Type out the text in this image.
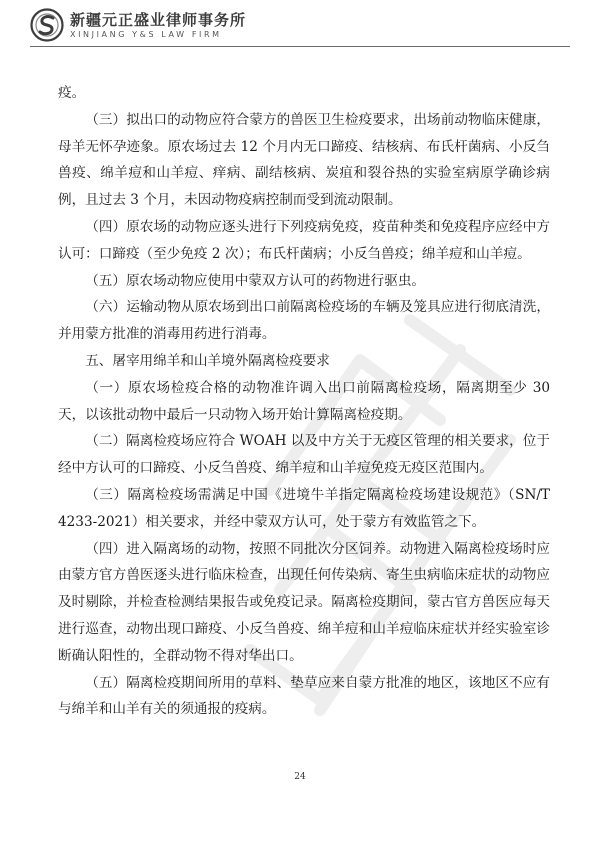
新疆元正盛业律师事务所
XINJIANG Y&S LAW FIRM

疫。

（三）拟出口的动物应符合蒙方的兽医卫生检疫要求，出场前动物临床健康，母羊无怀孕迹象。原农场过去 12 个月内无口蹄疫、结核病、布氏杆菌病、小反刍兽疫、绵羊痘和山羊痘、痒病、副结核病、炭疽和裂谷热的实验室病原学确诊病例，且过去 3 个月，未因动物疫病控制而受到流动限制。

（四）原农场的动物应逐头进行下列疫病免疫，疫苗种类和免疫程序应经中方认可：口蹄疫（至少免疫 2 次）；布氏杆菌病；小反刍兽疫；绵羊痘和山羊痘。

（五）原农场动物应使用中蒙双方认可的药物进行驱虫。

（六）运输动物从原农场到出口前隔离检疫场的车辆及笼具应进行彻底清洗，并用蒙方批准的消毒用药进行消毒。

五、屠宰用绵羊和山羊境外隔离检疫要求

（一）原农场检疫合格的动物准许调入出口前隔离检疫场，隔离期至少 30 天，以该批动物中最后一只动物入场开始计算隔离检疫期。

（二）隔离检疫场应符合 WOAH 以及中方关于无疫区管理的相关要求，位于经中方认可的口蹄疫、小反刍兽疫、绵羊痘和山羊痘免疫无疫区范围内。

（三）隔离检疫场需满足中国《进境牛羊指定隔离检疫场建设规范》（SN/T 4233-2021）相关要求，并经中蒙双方认可，处于蒙方有效监管之下。

（四）进入隔离场的动物，按照不同批次分区饲养。动物进入隔离检疫场时应由蒙方官方兽医逐头进行临床检查，出现任何传染病、寄生虫病临床症状的动物应及时剔除，并检查检测结果报告或免疫记录。隔离检疫期间，蒙古官方兽医应每天进行巡查，动物出现口蹄疫、小反刍兽疫、绵羊痘和山羊痘临床症状并经实验室诊断确认阳性的，全群动物不得对华出口。

（五）隔离检疫期间所用的草料、垫草应来自蒙方批准的地区，该地区不应有与绵羊和山羊有关的须通报的疫病。

24
